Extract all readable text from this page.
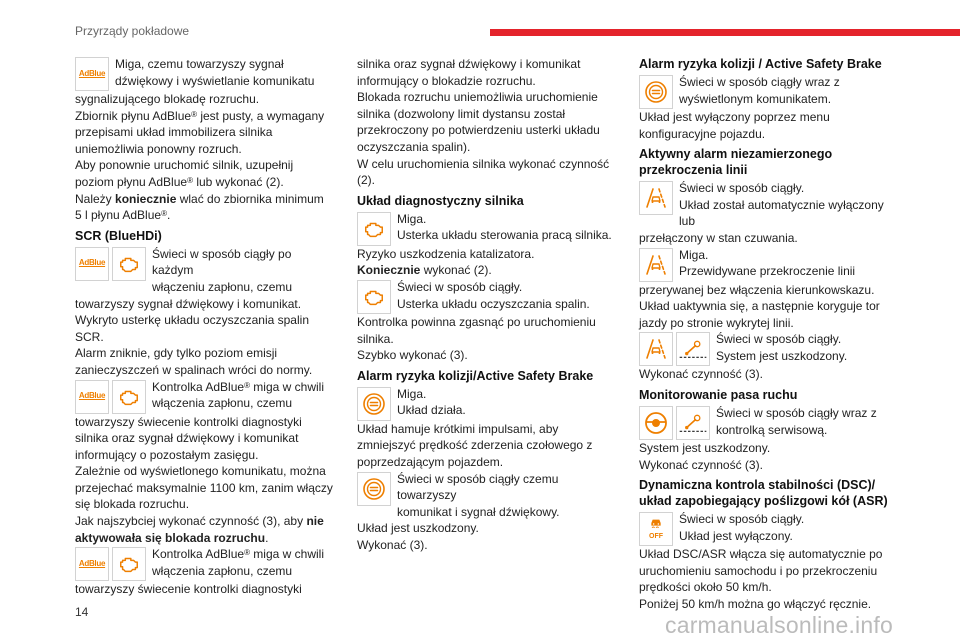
Przyrządy pokładowe
AdBlue

Miga, czemu towarzyszy sygnał

dźwiękowy i wyświetlanie komunikatu

sygnalizującego blokadę rozruchu.

Zbiornik płynu AdBlue® jest pusty, a wymagany przepisami układ immobilizera silnika uniemożliwia ponowny rozruch.

Aby ponownie uruchomić silnik, uzupełnij poziom płynu AdBlue® lub wykonać (2).

Należy koniecznie wlać do zbiornika minimum 5 l płynu AdBlue®.

SCR (BlueHDi)
AdBlue

Świeci w sposób ciągły po każdym

włączeniu zapłonu, czemu

towarzyszy sygnał dźwiękowy i komunikat.

Wykryto usterkę układu oczyszczania spalin SCR.

Alarm zniknie, gdy tylko poziom emisji zanieczyszczeń w spalinach wróci do normy.

AdBlue

Kontrolka AdBlue® miga w chwili

włączenia zapłonu, czemu

towarzyszy świecenie kontrolki diagnostyki silnika oraz sygnał dźwiękowy i komunikat informujący o pozostałym zasięgu.

Zależnie od wyświetlonego komunikatu, można przejechać maksymalnie 1100 km, zanim włączy się blokada rozruchu.

Jak najszybciej wykonać czynność (3), aby nie aktywowała się blokada rozruchu.

AdBlue

Kontrolka AdBlue® miga w chwili

włączenia zapłonu, czemu

towarzyszy świecenie kontrolki diagnostyki

silnika oraz sygnał dźwiękowy i komunikat informujący o blokadzie rozruchu.

Blokada rozruchu uniemożliwia uruchomienie silnika (dozwolony limit dystansu został przekroczony po potwierdzeniu usterki układu oczyszczania spalin).

W celu uruchomienia silnika wykonać czynność (2).

Układ diagnostyczny silnika

Miga.

Usterka układu sterowania pracą silnika.

Ryzyko uszkodzenia katalizatora.

Koniecznie wykonać (2).

Świeci w sposób ciągły.

Usterka układu oczyszczania spalin.

Kontrolka powinna zgasnąć po uruchomieniu silnika.

Szybko wykonać (3).

Alarm ryzyka kolizji/Active Safety Brake

Miga.

Układ działa.

Układ hamuje krótkimi impulsami, aby zmniejszyć prędkość zderzenia czołowego z poprzedzającym pojazdem.

Świeci w sposób ciągły czemu towarzyszy

komunikat i sygnał dźwiękowy.

Układ jest uszkodzony.

Wykonać (3).

Alarm ryzyka kolizji / Active Safety Brake

Świeci w sposób ciągły wraz z

wyświetlonym komunikatem.

Układ jest wyłączony poprzez menu konfiguracyjne pojazdu.

Aktywny alarm niezamierzonego przekroczenia linii

Świeci w sposób ciągły.

Układ został automatycznie wyłączony lub

przełączony w stan czuwania.

Miga.

Przewidywane przekroczenie linii

przerywanej bez włączenia kierunkowskazu.

Układ uaktywnia się, a następnie koryguje tor jazdy po stronie wykrytej linii.

Świeci w sposób ciągły.

System jest uszkodzony.

Wykonać czynność (3).

Monitorowanie pasa ruchu

Świeci w sposób ciągły wraz z

kontrolką serwisową.

System jest uszkodzony.

Wykonać czynność (3).

Dynamiczna kontrola stabilności (DSC)/ układ zapobiegający poślizgowi kół (ASR)
OFF

Świeci w sposób ciągły.

Układ jest wyłączony.

Układ DSC/ASR włącza się automatycznie po uruchomieniu samochodu i po przekroczeniu prędkości około 50 km/h.

Poniżej 50 km/h można go włączyć ręcznie.

14	carmanualsonline.info
